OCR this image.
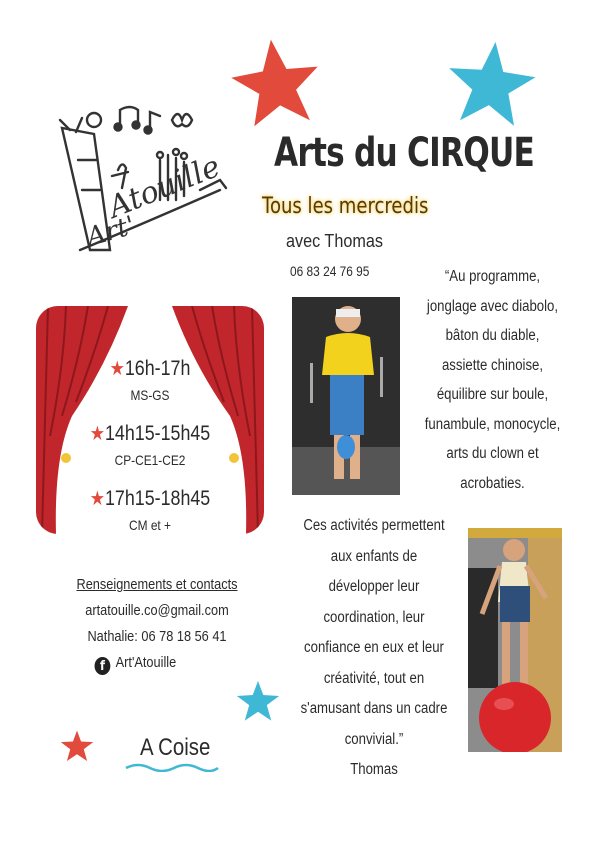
Atouille
Art'
Arts du CIRQUE
Tous les mercredis
avec Thomas
06 83 24 76 95	“Au programme,
jonglage avec diabolo,
bâton du diable,
assiette chinoise,
équilibre sur boule,
funambule, monocycle,
arts du clown et
acrobaties.
★16h-17h
MS-GS
★14h15-15h45
CP-CE1-CE2
★17h15-18h45
CM et +	Ces activités permettent
aux enfants de
développer leur
coordination, leur
confiance en eux et leur
créativité, tout en
s'amusant dans un cadre
convivial.”
Thomas
Renseignements et contacts
artatouille.co@gmail.com
Nathalie: 06 78 18 56 41
f Art'Atouille
A Coise
